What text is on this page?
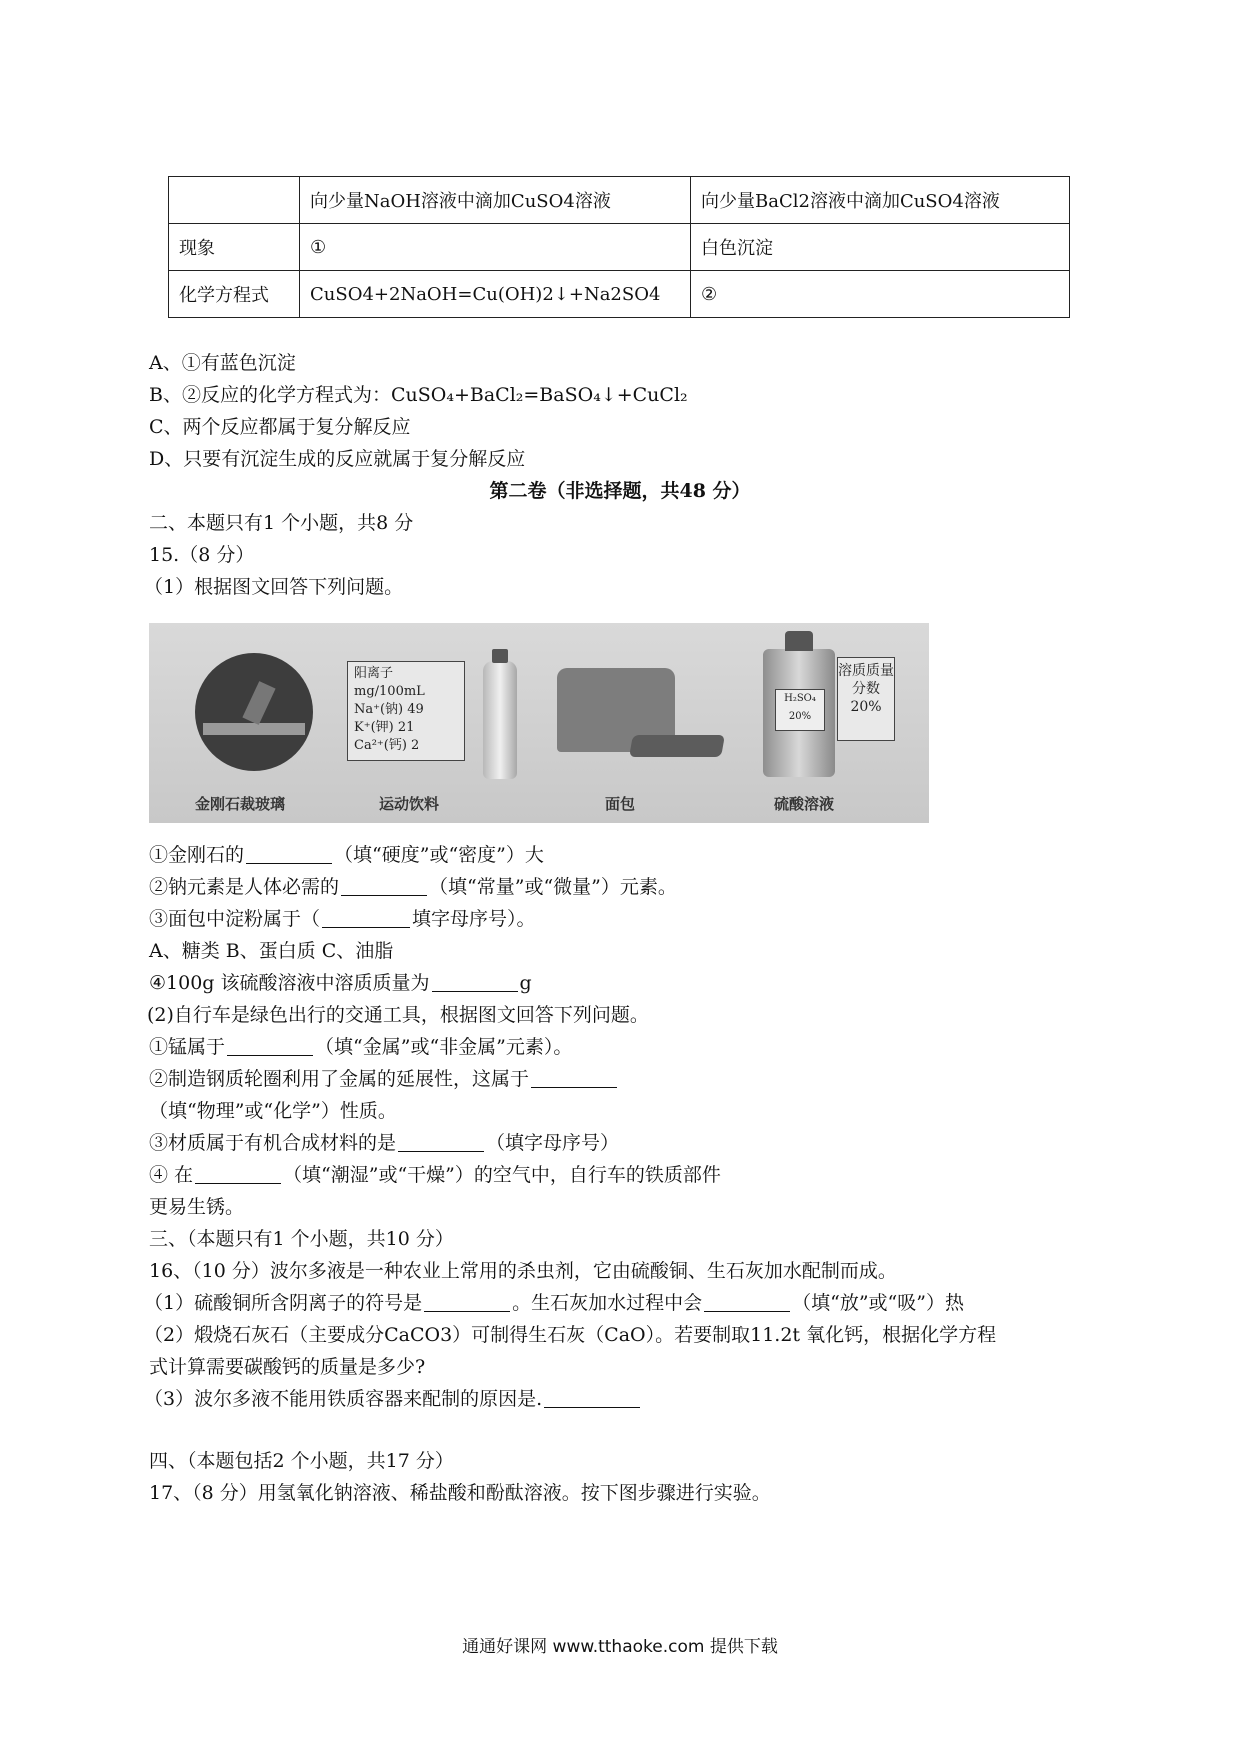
	向少量NaOH溶液中滴加CuSO4溶液	向少量BaCl2溶液中滴加CuSO4溶液
现象	①	白色沉淀
化学方程式	CuSO4+2NaOH=Cu(OH)2↓+Na2SO4	②
A、①有蓝色沉淀
B、②反应的化学方程式为：CuSO₄+BaCl₂=BaSO₄↓+CuCl₂
C、两个反应都属于复分解反应
D、只要有沉淀生成的反应就属于复分解反应
第二卷（非选择题，共48 分）
二、本题只有1 个小题，共8 分
15.（8 分）
（1）根据图文回答下列问题。
阳离子 mg/100mL
Na⁺(钠) 49
K⁺(钾) 21
Ca²⁺(钙) 2
H₂SO₄ 20%
溶质质量分数 20%
金刚石裁玻璃	运动饮料	面包	硫酸溶液
①金刚石的	（填“硬度”或“密度”）大
②钠元素是人体必需的	（填“常量”或“微量”）元素。
③面包中淀粉属于（	填字母序号）。
A、糖类 B、蛋白质 C、油脂
④100g 该硫酸溶液中溶质质量为	g
(2)自行车是绿色出行的交通工具，根据图文回答下列问题。
①锰属于	（填“金属”或“非金属”元素）。
②制造钢质轮圈利用了金属的延展性，这属于
（填“物理”或“化学”）性质。
③材质属于有机合成材料的是	（填字母序号）
④ 在	（填“潮湿”或“干燥”）的空气中，自行车的铁质部件
更易生锈。
三、（本题只有1 个小题，共10 分）
16、（10 分）波尔多液是一种农业上常用的杀虫剂，它由硫酸铜、生石灰加水配制而成。
（1）硫酸铜所含阴离子的符号是	。生石灰加水过程中会	（填“放”或“吸”）热
（2）煅烧石灰石（主要成分CaCO3）可制得生石灰（CaO）。若要制取11.2t 氧化钙，根据化学方程
式计算需要碳酸钙的质量是多少?
（3）波尔多液不能用铁质容器来配制的原因是.
四、（本题包括2 个小题，共17 分）
17、（8 分）用氢氧化钠溶液、稀盐酸和酚酞溶液。按下图步骤进行实验。
通通好课网 www.tthaoke.com 提供下载
